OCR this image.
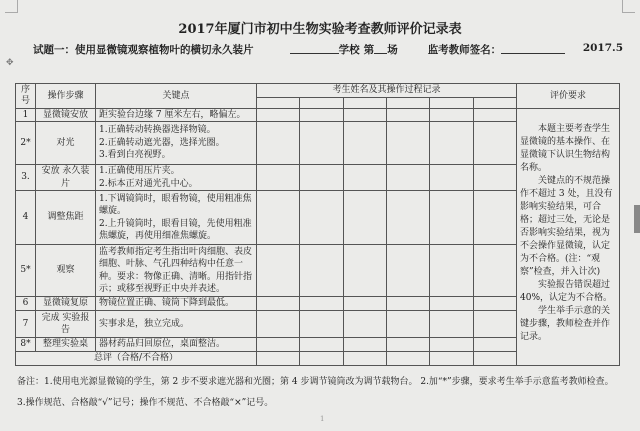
2017年厦门市初中生物实验考查教师评价记录表
试题一：使用显微镜观察植物叶的横切永久装片	学校 第 场	监考教师签名：	2017.5
✥
序号	操作步骤	关键点	考生姓名及其操作过程记录						评价要求

1	显微镜安放	距实验台边缘 7 厘米左右，略偏左。							本题主要考查学生显微镜的基本操作、在显微镜下认识生物结构名称。

关键点的不规范操作不超过 3 处，且没有影响实验结果，可合格；超过三处，无论是否影响实验结果，视为不会操作显微镜，认定为不合格。(注：“观察”检查，并入计次)

实验报告错误超过40%，认定为不合格。

学生举手示意的关键步骤，教师检查并作记录。

2*	对光	1.正确转动转换器选择物镜。
2.正确转动遮光器，选择光圈。
3.看到白亮视野。							

3.	安放 永久装片	1.正确使用压片夹。
2.标本正对通光孔中心。							

4	调整焦距	1.下调镜筒时，眼看物镜，使用粗准焦螺旋。
2.上升镜筒时，眼看目镜，先使用粗准焦螺旋，再使用细准焦螺旋。							

5*	观察	监考教师指定考生指出叶肉细胞、表皮细胞、叶脉、气孔四种结构中任意一种。要求：物像正确、清晰。用指针指示；或移至视野正中央并表述。							

6	显微镜复原	物镜位置正确、镜筒下降到最低。							

7	完成 实验报告	实事求是，独立完成。							

8*	整理实验桌	器材药品归回原位，桌面整洁。							

总评（合格/不合格）									
备注：1.使用电光源显微镜的学生，第 2 步不要求遮光器和光圈；第 4 步调节镜筒改为调节载物台。 2.加“*”步骤，要求考生举手示意监考教师检查。
3.操作规范、合格敲“√”记号；操作不规范、不合格敲“×”记号。
1
